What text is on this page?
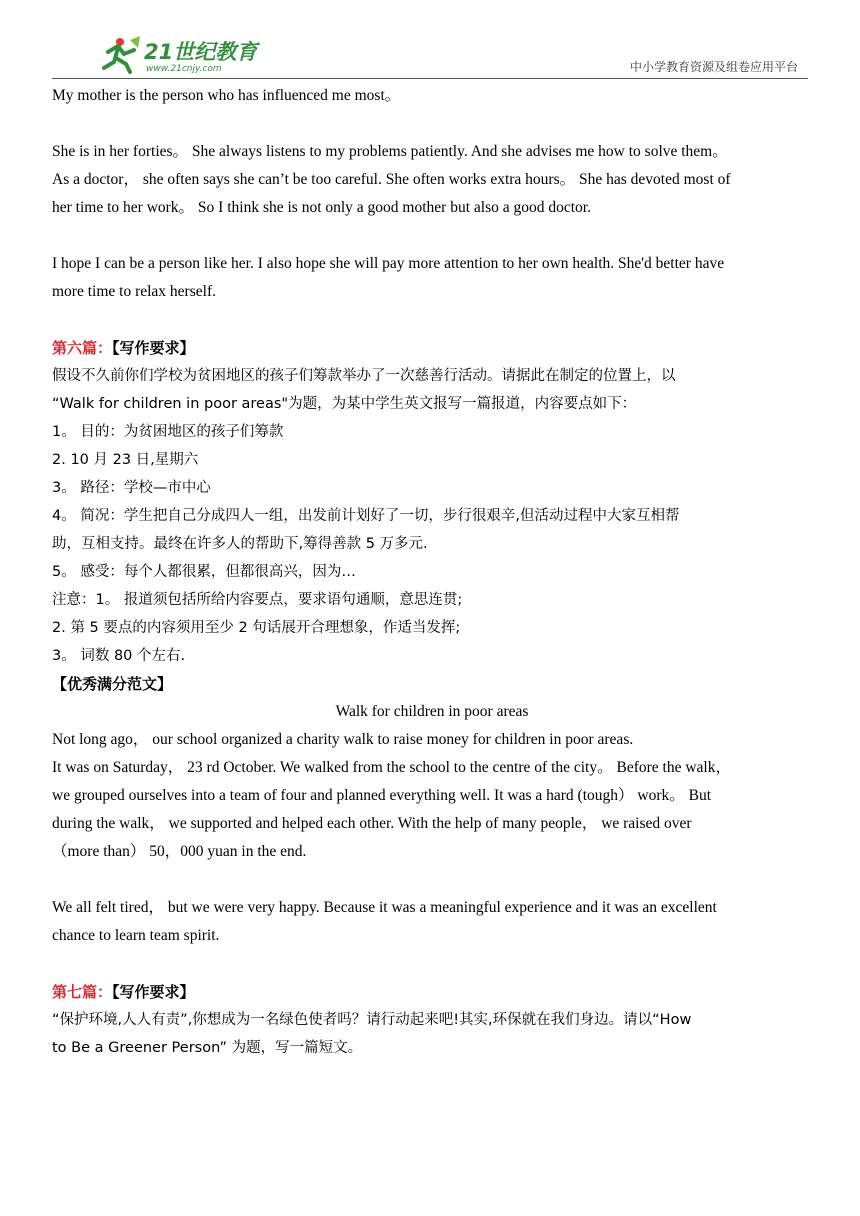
21世纪教育
www.21cnjy.com	中小学教育资源及组卷应用平台
My mother is the person who has influenced me most。
She is in her forties。 She always listens to my problems patiently. And she advises me how to solve them。
As a doctor， she often says she can’t be too careful. She often works extra hours。 She has devoted most of
her time to her work。 So I think she is not only a good mother but also a good doctor.
I hope I can be a person like her. I also hope she will pay more attention to her own health. She'd better have
more time to relax herself.
第六篇：【写作要求】
假设不久前你们学校为贫困地区的孩子们筹款举办了一次慈善行活动。请据此在制定的位置上，以
“Walk for children in poor areas"为题，为某中学生英文报写一篇报道，内容要点如下：
1。 目的：为贫困地区的孩子们筹款
2. 10 月 23 日,星期六
3。 路径：学校—市中心
4。 简况：学生把自己分成四人一组，出发前计划好了一切，步行很艰辛,但活动过程中大家互相帮
助，互相支持。最终在许多人的帮助下,筹得善款 5 万多元.
5。 感受：每个人都很累，但都很高兴，因为…
注意：1。 报道须包括所给内容要点，要求语句通顺，意思连贯;
2. 第 5 要点的内容须用至少 2 句话展开合理想象，作适当发挥;
3。 词数 80 个左右.
【优秀满分范文】
Walk for children in poor areas
Not long ago， our school organized a charity walk to raise money for children in poor areas.
It was on Saturday， 23 rd October. We walked from the school to the centre of the city。 Before the walk，
we grouped ourselves into a team of four and planned everything well. It was a hard (tough） work。 But
during the walk， we supported and helped each other. With the help of many people， we raised over
（more than） 50，000 yuan in the end.
We all felt tired， but we were very happy. Because it was a meaningful experience and it was an excellent
chance to learn team spirit.
第七篇：【写作要求】
“保护环境,人人有责”,你想成为一名绿色使者吗？请行动起来吧!其实,环保就在我们身边。请以“How
to Be a Greener Person” 为题，写一篇短文。
